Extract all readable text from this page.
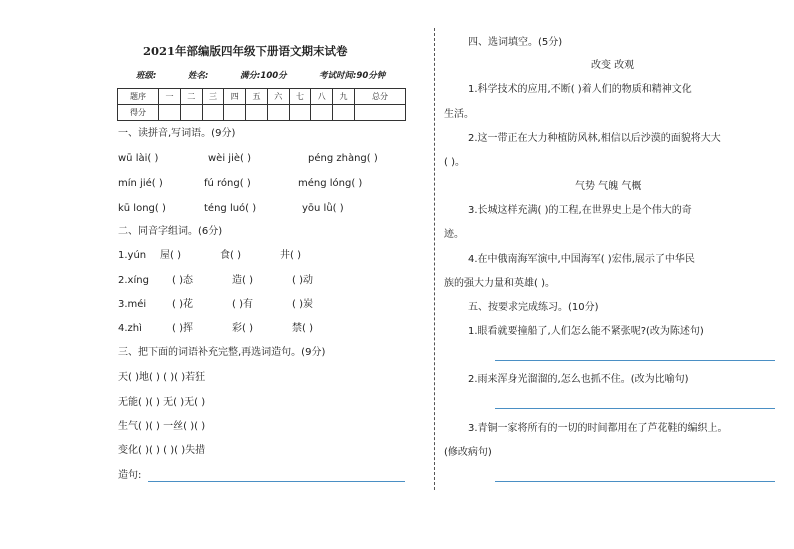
2021年部编版四年级下册语文期末试卷
班级:	姓名:	满分:100分	考试时间:90分钟
题序	一	二	三	四	五	六	七	八	九	总分
得分										
一、读拼音,写词语。(9分)
wū lài( )	wèi jiè( )	péng zhàng( )
mín jié( )	fú róng( )	méng lóng( )
kū long( )	téng luó( )	yōu lǜ( )
二、同音字组词。(6分)
1.yún 屋( )	食( )	井( )
2.xíng ( )态	造( )	( )动
3.méi	( )花	( )有	( )炭
4.zhì	( )挥	彩( )	禁( )
三、把下面的词语补充完整,再选词造句。(9分)
天( )地( ) ( )( )若狂
无能( )( ) 无( )无( )
生气( )( ) 一丝( )( )
变化( )( ) ( )( )失措
造句:
四、选词填空。(5分)
改变 改观
1.科学技术的应用,不断( )着人们的物质和精神文化
生活。
2.这一带正在大力种植防风林,相信以后沙漠的面貌将大大
( )。
气势 气魄 气概
3.长城这样充满( )的工程,在世界史上是个伟大的奇
迹。
4.在中俄南海军演中,中国海军( )宏伟,展示了中华民
族的强大力量和英雄( )。
五、按要求完成练习。(10分)
1.眼看就要撞船了,人们怎么能不紧张呢?(改为陈述句)
2.雨来浑身光溜溜的,怎么也抓不住。(改为比喻句)
3.青铜一家将所有的一切的时间都用在了芦花鞋的编织上。
(修改病句)
